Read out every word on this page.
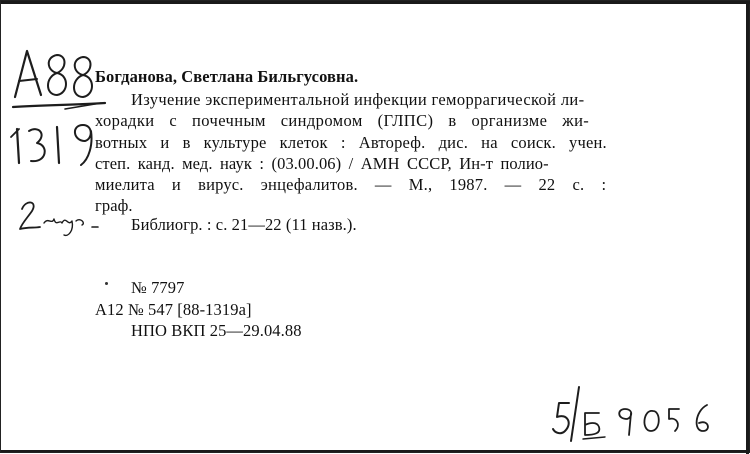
Богданова, Светлана Бильгусовна.
Изучение экспериментальной инфекции геморрагической ли-
хорадки с почечным синдромом (ГЛПС) в организме жи-
вотных и в культуре клеток : Автореф. дис. на соиск. учен.
степ. канд. мед. наук : (03.00.06) / АМН СССР, Ин-т полио-
миелита и вирус. энцефалитов. — М., 1987. — 22 с. :
граф.
Библиогр. : с. 21—22 (11 назв.).
№ 7797
А12 № 547 [88-1319а]
НПО ВКП 25—29.04.88
